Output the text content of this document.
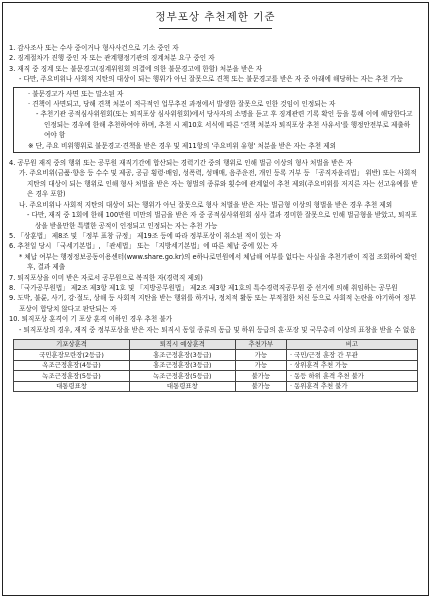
정부포상 추천제한 기준
1. 감사조사 또는 수사 중이거나 형사사건으로 기소 중인 자
2. 징계절차가 진행 중인 자 또는 관계행정기관의 징계처분 요구 중인 자
3. 재직 중 징계 또는 불문경고(징계위원회 의결에 의한 불문경고에 한함) 처분을 받은 자
- 다만, 주요비위나 사회적 지탄의 대상이 되는 행위가 아닌 잘못으로 견책 또는 불문경고를 받은 자 중 아래에 해당하는 자는 추천 가능
· 불문경고가 사면 또는 말소된 자
· 견책이 사면되고, 당해 견책 처분이 적극적인 업무추진 과정에서 발생한 잘못으로 인한 것임이 인정되는 자
- 추천기관 공적심사위원회(또는 퇴직포상 심사위원회)에서 당사자의 소명을 듣고 후 징계관련 기록 확인 등을 통해 이에 해당한다고 인정되는 경우에 한해 추천하여야 하며, 추천 시 제10호 서식에 따른 '견책 처분자 퇴직포상 추천 사유서'를 행정안전부로 제출하여야 함
※ 단, 주요 비위행위로 불문경고·견책을 받은 경우 및 제11항의 '주요비위 유형' 처분을 받은 자는 추천 제외
4. 공무원 재직 중의 행위 또는 공무원 재직기간에 합산되는 경력기간 중의 행위로 인해 벌금 이상의 형사 처벌을 받은 자
가. 주요비위(금품·향응 등 수수 및 제공, 공금 횡령·배임, 성폭력, 성매매, 음주운전, 개인 등록 거부 등 「공직자윤리법」 위반) 또는 사회적 지탄의 대상이 되는 행위로 인해 형사 처벌을 받은 자는 형벌의 종류와 횟수에 관계없이 추천 제외(주요비위를 저지른 자는 선고유예를 받은 경우 포함)
나. 주요비위나 사회적 지탄의 대상이 되는 행위가 아닌 잘못으로 형사 처벌을 받은 자는 벌금형 이상의 형벌을 받은 경우 추천 제외
- 다만, 재직 중 1회에 한해 100만원 미만의 벌금을 받은 자 중 공적심사위원회 심사 결과 경미한 잘못으로 인해 벌금형을 받았고, 퇴직포상을 받을만한 특별한 공적이 인정되고 인정되는 자는 추천 가능
5. 「상훈법」 제8조 및 「정부 표창 규정」 제19조 등에 따라 정부포상이 취소된 적이 있는 자
6. 추천일 당시 「국세기본법」, 「관세법」 또는 「지방세기본법」에 따른 체납 중에 있는 자
* 체납 여부는 행정정보공동이용센터(www.share.go.kr)의 e하나로민원에서 체납해 여부를 없다는 사실을 추천기관이 직접 조회하여 확인 후, 결과 제출
7. 퇴직포상을 이미 받은 자로서 공무원으로 복직한 자(경력직 제외)
8. 「국가공무원법」 제2조 제3항 제1호 및 「지방공무원법」 제2조 제3항 제1호의 특수경력직공무원 중 선거에 의해 취임하는 공무원
9. 도박, 불륜, 사기, 강·절도, 상해 등 사회적 지탄을 받는 행위를 하거나, 정치적 활동 또는 부적절한 처신 등으로 사회적 논란을 야기하여 정부포상이 합당치 않다고 판단되는 자
10. 퇴직포상 훈격이 기 포상 훈격 이하인 경우 추천 불가
- 퇴직포상의 경우, 재직 중 정부포상을 받은 자는 퇴직시 동일 종류의 동급 및 하위 등급의 훈·포장 및 국무총리 이상의 표창을 받을 수 없음
기포상훈격	퇴직시 예상훈격	추천가부	비고
국민훈장모란장(2등급)	홍조근정훈장(3등급)	가능	· 국민/근정 훈장 간 무관
옥조근정훈장(4등급)	홍조근정훈장(3등급)	가능	· 상위훈격 추천 가능
녹조근정훈장(5등급)	녹조근정훈장(5등급)	불가능	· 동등 하위 훈격 추천 불가
대통령표창	대통령표창	불가능	· 동위훈격 추천 불가
